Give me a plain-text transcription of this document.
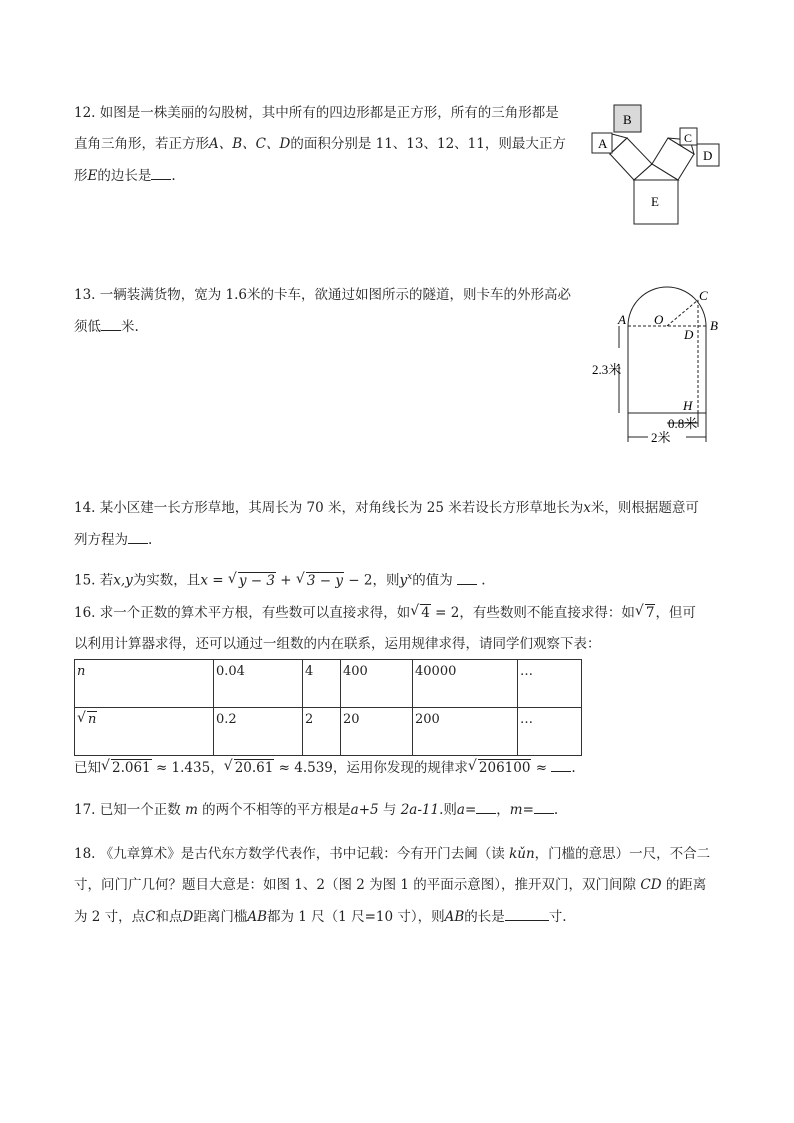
12. 如图是一株美丽的勾股树，其中所有的四边形都是正方形，所有的三角形都是
直角三角形，若正方形A、B、C、D的面积分别是 11、13、12、11，则最大正方
形E的边长是 .
A
B
C
D
E
13. 一辆装满货物，宽为 1.6米的卡车，欲通过如图所示的隧道，则卡车的外形高必
须低 米.	A O
C
B
D
H
2.3米
0.8米
2米
14. 某小区建一长方形草地，其周长为 70 米，对角线长为 25 米若设长方形草地长为x米，则根据题意可
列方程为 .
15. 若x,y为实数，且x = √ y − 3 + √ 3 − y − 2，则$y^x$的值为 .
16. 求一个正数的算术平方根，有些数可以直接求得，如 √ 4 = 2，有些数则不能直接求得：如 √ 7，但可
以利用计算器求得，还可以通过一组数的内在联系，运用规律求得，请同学们观察下表：
n	0.04	4	400	40000	…

√ n	0.2	2	20	200	…
已知 √ 2.061 ≈ 1.435， √ 20.61 ≈ 4.539，运用你发现的规律求 √ 206100 ≈ .
17. 已知一个正数 m 的两个不相等的平方根是a+5 与 2a-11.则a= ，m= .
18. 《九章算术》是古代东方数学代表作，书中记载：今有开门去阃（读 kǔn，门槛的意思）一尺，不合二
寸，问门广几何？题目大意是：如图 1、2（图 2 为图 1 的平面示意图），推开双门，双门间隙 CD 的距离
为 2 寸，点C和点D距离门槛AB都为 1 尺（1 尺=10 寸），则AB的长是	寸.
